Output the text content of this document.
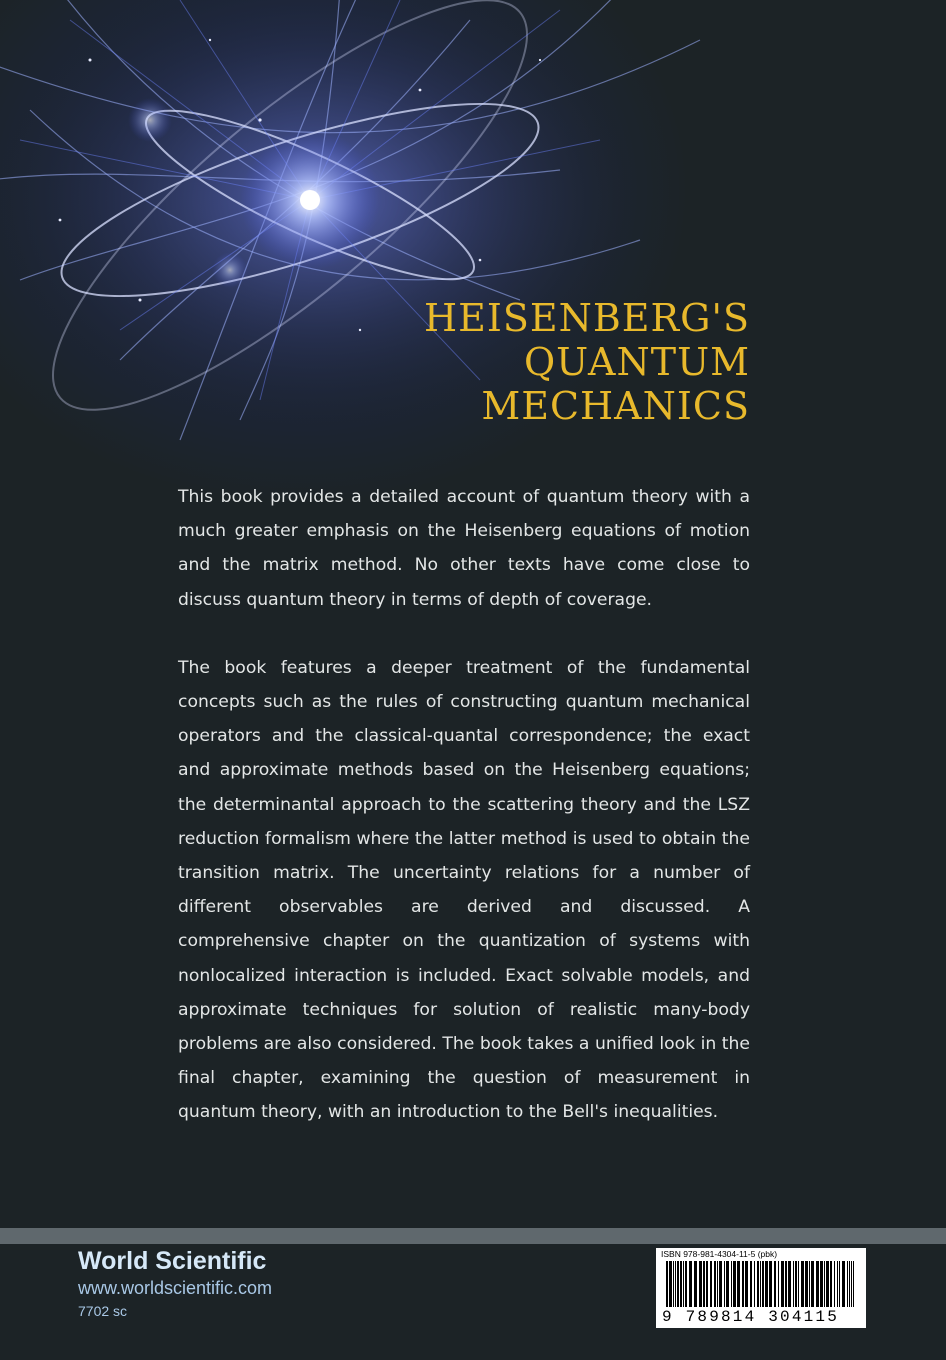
HEISENBERG'S
QUANTUM
MECHANICS

This book provides a detailed account of quantum theory with a much greater emphasis on the Heisenberg equations of motion and the matrix method. No other texts have come close to discuss quantum theory in terms of depth of coverage.

The book features a deeper treatment of the fundamental concepts such as the rules of constructing quantum mechanical operators and the classical-quantal correspondence; the exact and approximate methods based on the Heisenberg equations; the determinantal approach to the scattering theory and the LSZ reduction formalism where the latter method is used to obtain the transition matrix. The uncertainty relations for a number of different observables are derived and discussed. A comprehensive chapter on the quantization of systems with nonlocalized interaction is included. Exact solvable models, and approximate techniques for solution of realistic many-body problems are also considered. The book takes a unified look in the final chapter, examining the question of measurement in quantum theory, with an introduction to the Bell's inequalities.

World Scientific
www.worldscientific.com
7702 sc
ISBN 978-981-4304-11-5 (pbk)
9 789814 304115
